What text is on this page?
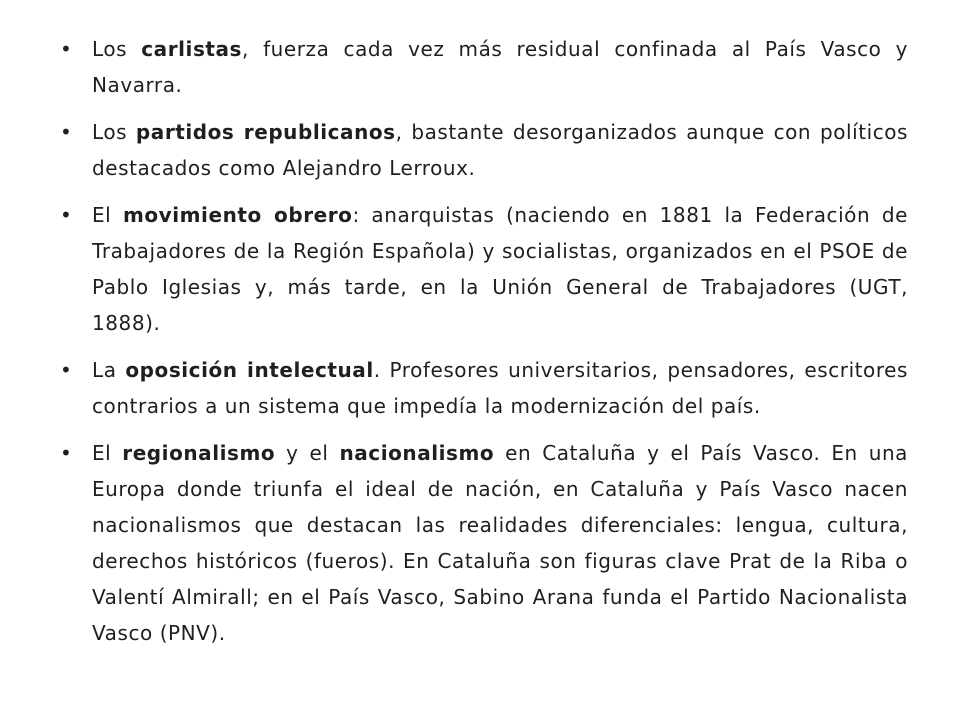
• Los carlistas, fuerza cada vez más residual confinada al País Vasco y Navarra.
• Los partidos republicanos, bastante desorganizados aunque con políticos destacados como Alejandro Lerroux.
• El movimiento obrero: anarquistas (naciendo en 1881 la Federación de Trabajadores de la Región Española) y socialistas, organizados en el PSOE de Pablo Iglesias y, más tarde, en la Unión General de Trabajadores (UGT, 1888).
• La oposición intelectual. Profesores universitarios, pensadores, escritores contrarios a un sistema que impedía la modernización del país.
• El regionalismo y el nacionalismo en Cataluña y el País Vasco. En una Europa donde triunfa el ideal de nación, en Cataluña y País Vasco nacen nacionalismos que destacan las realidades diferenciales: lengua, cultura, derechos históricos (fueros). En Cataluña son figuras clave Prat de la Riba o Valentí Almirall; en el País Vasco, Sabino Arana funda el Partido Nacionalista Vasco (PNV).
